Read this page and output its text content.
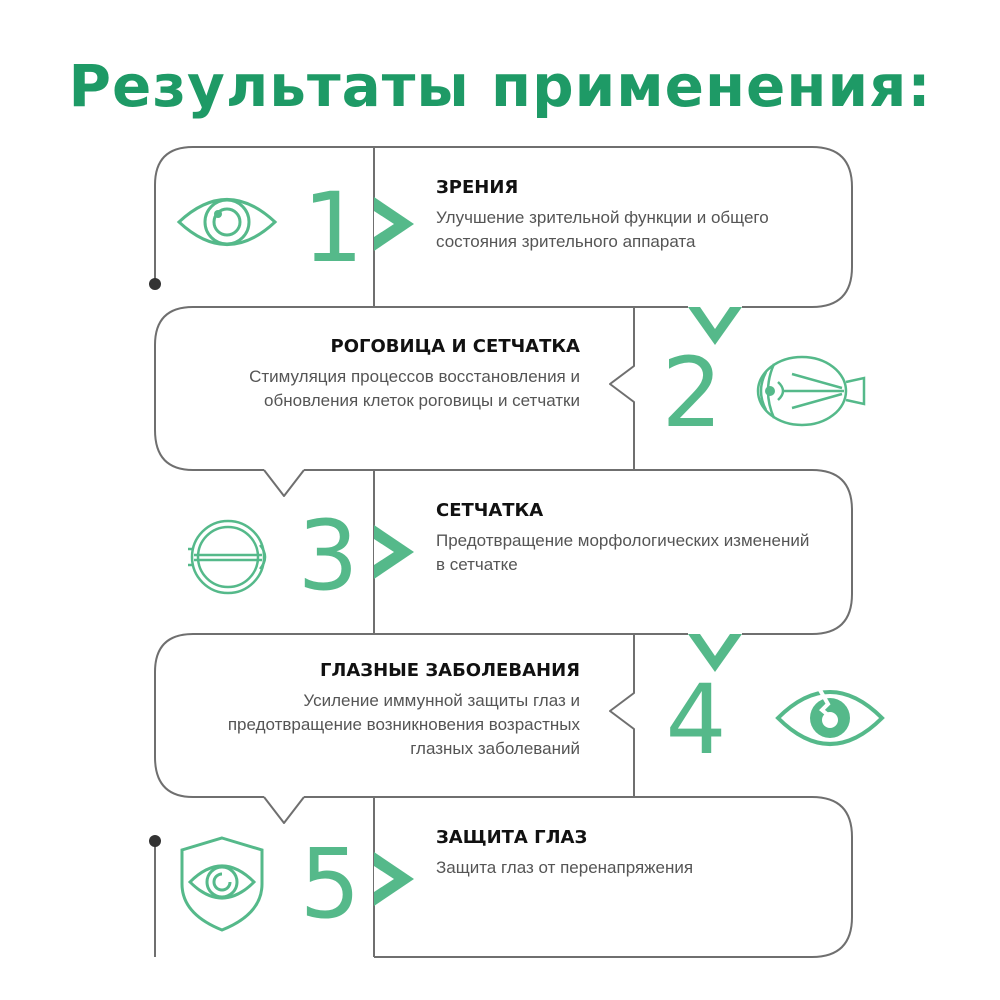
Результаты применения:
1	ЗРЕНИЯ
Улучшение зрительной функции и общего состояния зрительного аппарата
2
РОГОВИЦА И СЕТЧАТКА
Стимуляция процессов восстановления и обновления клеток роговицы и сетчатки
3	СЕТЧАТКА
Предотвращение морфологических изменений в сетчатке
4
ГЛАЗНЫЕ ЗАБОЛЕВАНИЯ
Усиление иммунной защиты глаз и предотвращение возникновения возрастных глазных заболеваний
5	ЗАЩИТА ГЛАЗ
Защита глаз от перенапряжения
